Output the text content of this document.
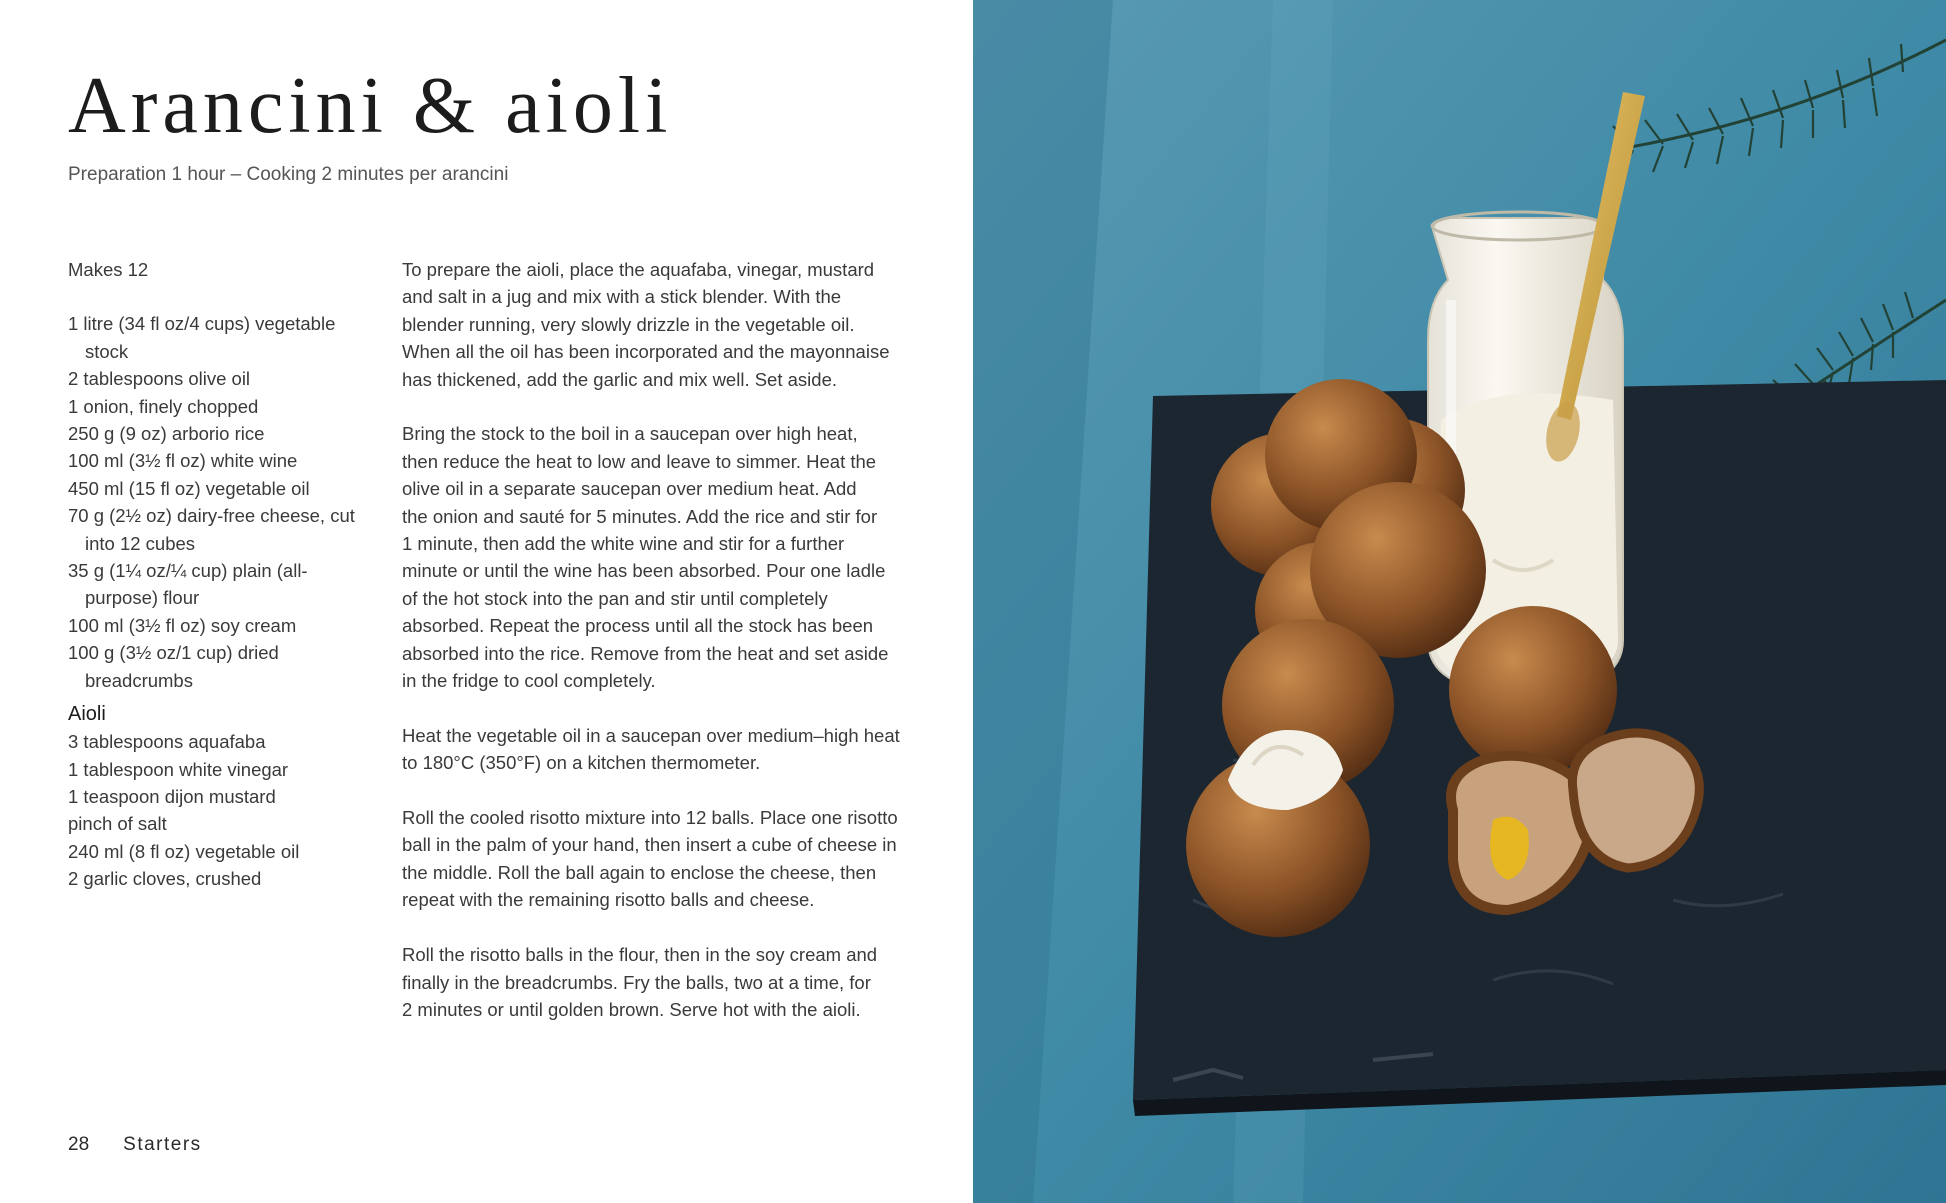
Arancini & aioli
Preparation 1 hour – Cooking 2 minutes per arancini
Makes 12
1 litre (34 fl oz/4 cups) vegetable stock
2 tablespoons olive oil
1 onion, finely chopped
250 g (9 oz) arborio rice
100 ml (3½ fl oz) white wine
450 ml (15 fl oz) vegetable oil
70 g (2½ oz) dairy-free cheese, cut into 12 cubes
35 g (1¼ oz/¼ cup) plain (all-purpose) flour
100 ml (3½ fl oz) soy cream
100 g (3½ oz/1 cup) dried breadcrumbs
Aioli
3 tablespoons aquafaba
1 tablespoon white vinegar
1 teaspoon dijon mustard
pinch of salt
240 ml (8 fl oz) vegetable oil
2 garlic cloves, crushed

To prepare the aioli, place the aquafaba, vinegar, mustard
and salt in a jug and mix with a stick blender. With the
blender running, very slowly drizzle in the vegetable oil.
When all the oil has been incorporated and the mayonnaise
has thickened, add the garlic and mix well. Set aside.

Bring the stock to the boil in a saucepan over high heat,
then reduce the heat to low and leave to simmer. Heat the
olive oil in a separate saucepan over medium heat. Add
the onion and sauté for 5 minutes. Add the rice and stir for
1 minute, then add the white wine and stir for a further
minute or until the wine has been absorbed. Pour one ladle
of the hot stock into the pan and stir until completely
absorbed. Repeat the process until all the stock has been
absorbed into the rice. Remove from the heat and set aside
in the fridge to cool completely.

Heat the vegetable oil in a saucepan over medium–high heat
to 180°C (350°F) on a kitchen thermometer.

Roll the cooled risotto mixture into 12 balls. Place one risotto
ball in the palm of your hand, then insert a cube of cheese in
the middle. Roll the ball again to enclose the cheese, then
repeat with the remaining risotto balls and cheese.

Roll the risotto balls in the flour, then in the soy cream and
finally in the breadcrumbs. Fry the balls, two at a time, for
2 minutes or until golden brown. Serve hot with the aioli.

28 Starters
